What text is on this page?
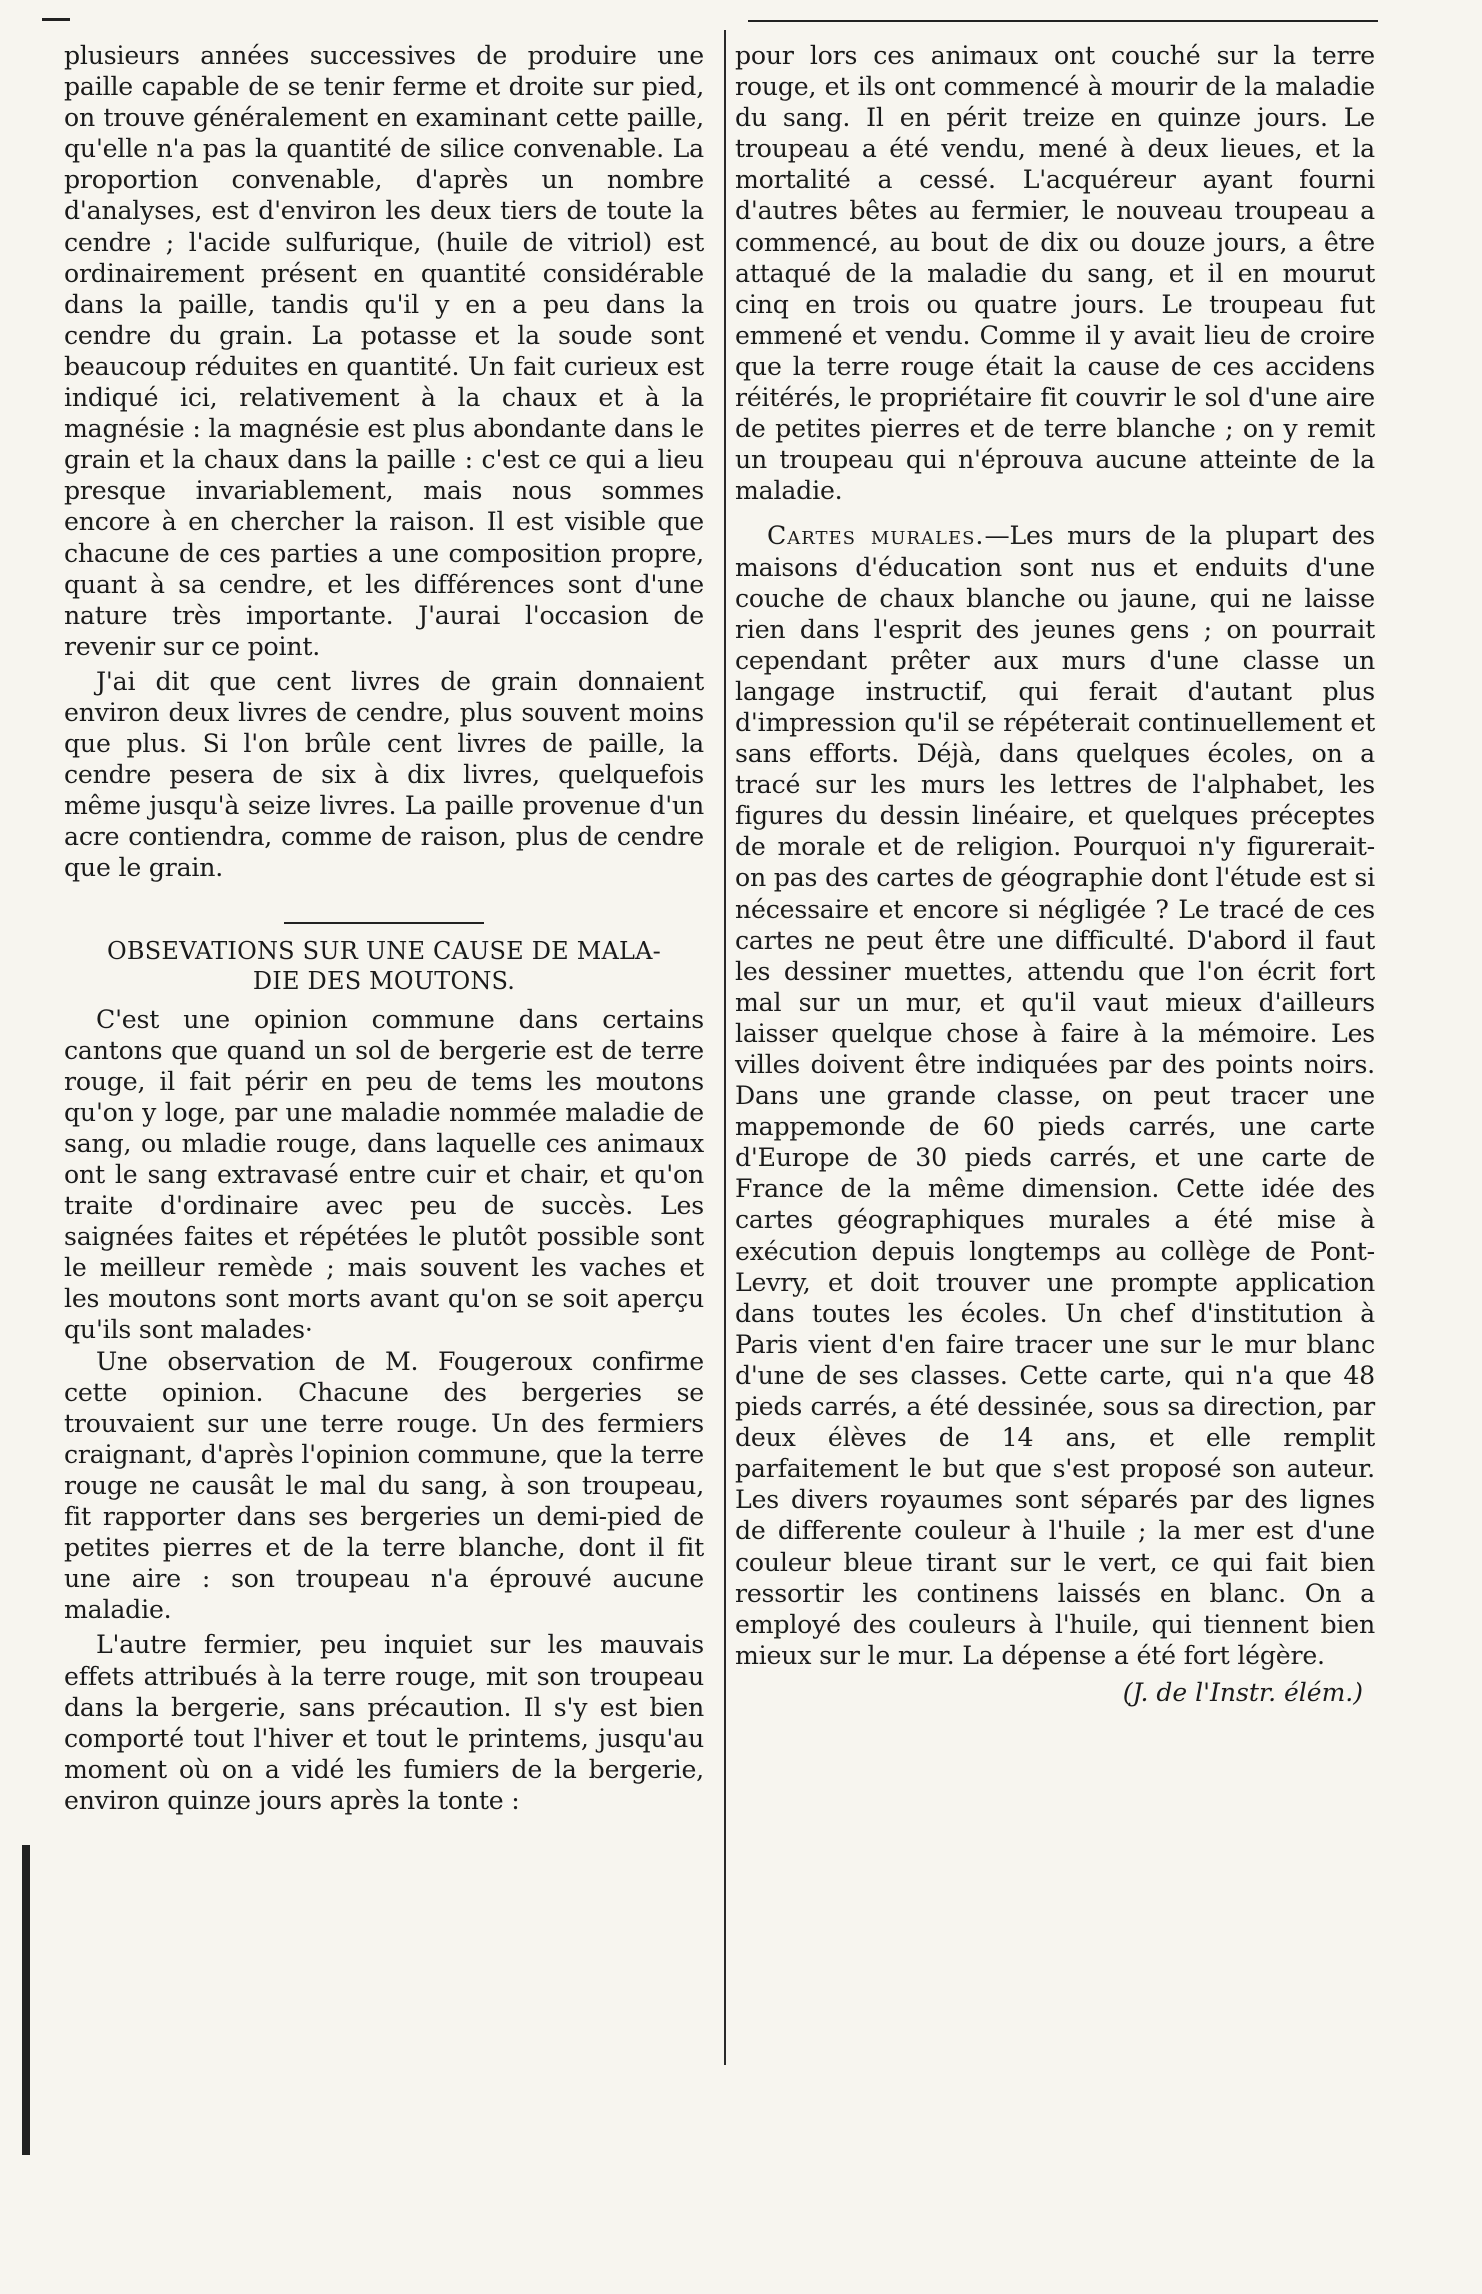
plusieurs années successives de produire une paille capable de se tenir ferme et droite sur pied, on trouve généralement en examinant cette paille, qu'elle n'a pas la quantité de silice convenable. La proportion convenable, d'après un nombre d'analyses, est d'environ les deux tiers de toute la cendre ; l'acide sulfurique, (huile de vitriol) est ordinairement présent en quantité considérable dans la paille, tandis qu'il y en a peu dans la cendre du grain. La potasse et la soude sont beaucoup réduites en quantité. Un fait curieux est indiqué ici, relativement à la chaux et à la magnésie : la magnésie est plus abondante dans le grain et la chaux dans la paille : c'est ce qui a lieu presque invariablement, mais nous sommes encore à en chercher la raison. Il est visible que chacune de ces parties a une composition propre, quant à sa cendre, et les différences sont d'une nature très importante. J'aurai l'occasion de revenir sur ce point.

J'ai dit que cent livres de grain donnaient environ deux livres de cendre, plus souvent moins que plus. Si l'on brûle cent livres de paille, la cendre pesera de six à dix livres, quelquefois même jusqu'à seize livres. La paille provenue d'un acre contiendra, comme de raison, plus de cendre que le grain.

OBSEVATIONS SUR UNE CAUSE DE MALA-

DIE DES MOUTONS.

C'est une opinion commune dans certains cantons que quand un sol de bergerie est de terre rouge, il fait périr en peu de tems les moutons qu'on y loge, par une maladie nommée maladie de sang, ou mladie rouge, dans laquelle ces animaux ont le sang extravasé entre cuir et chair, et qu'on traite d'ordinaire avec peu de succès. Les saignées faites et répétées le plutôt possible sont le meilleur remède ; mais souvent les vaches et les moutons sont morts avant qu'on se soit aperçu qu'ils sont malades·

Une observation de M. Fougeroux confirme cette opinion. Chacune des bergeries se trouvaient sur une terre rouge. Un des fermiers craignant, d'après l'opinion commune, que la terre rouge ne causât le mal du sang, à son troupeau, fit rapporter dans ses bergeries un demi-pied de petites pierres et de la terre blanche, dont il fit une aire : son troupeau n'a éprouvé aucune maladie.

L'autre fermier, peu inquiet sur les mauvais effets attribués à la terre rouge, mit son troupeau dans la bergerie, sans précaution. Il s'y est bien comporté tout l'hiver et tout le printems, jusqu'au moment où on a vidé les fumiers de la bergerie, environ quinze jours après la tonte :

pour lors ces animaux ont couché sur la terre rouge, et ils ont commencé à mourir de la maladie du sang. Il en périt treize en quinze jours. Le troupeau a été vendu, mené à deux lieues, et la mortalité a cessé. L'acquéreur ayant fourni d'autres bêtes au fermier, le nouveau troupeau a commencé, au bout de dix ou douze jours, a être attaqué de la maladie du sang, et il en mourut cinq en trois ou quatre jours. Le troupeau fut emmené et vendu. Comme il y avait lieu de croire que la terre rouge était la cause de ces accidens réitérés, le propriétaire fit couvrir le sol d'une aire de petites pierres et de terre blanche ; on y remit un troupeau qui n'éprouva aucune atteinte de la maladie.

Cartes murales.—Les murs de la plupart des maisons d'éducation sont nus et enduits d'une couche de chaux blanche ou jaune, qui ne laisse rien dans l'esprit des jeunes gens ; on pourrait cependant prêter aux murs d'une classe un langage instructif, qui ferait d'autant plus d'impression qu'il se répéterait continuellement et sans efforts. Déjà, dans quelques écoles, on a tracé sur les murs les lettres de l'alphabet, les figures du dessin linéaire, et quelques préceptes de morale et de religion. Pourquoi n'y figurerait-on pas des cartes de géographie dont l'étude est si nécessaire et encore si négligée ? Le tracé de ces cartes ne peut être une difficulté. D'abord il faut les dessiner muettes, attendu que l'on écrit fort mal sur un mur, et qu'il vaut mieux d'ailleurs laisser quelque chose à faire à la mémoire. Les villes doivent être indiquées par des points noirs. Dans une grande classe, on peut tracer une mappemonde de 60 pieds carrés, une carte d'Europe de 30 pieds carrés, et une carte de France de la même dimension. Cette idée des cartes géographiques murales a été mise à exécution depuis longtemps au collège de Pont-Levry, et doit trouver une prompte application dans toutes les écoles. Un chef d'institution à Paris vient d'en faire tracer une sur le mur blanc d'une de ses classes. Cette carte, qui n'a que 48 pieds carrés, a été dessinée, sous sa direction, par deux élèves de 14 ans, et elle remplit parfaitement le but que s'est proposé son auteur. Les divers royaumes sont séparés par des lignes de differente couleur à l'huile ; la mer est d'une couleur bleue tirant sur le vert, ce qui fait bien ressortir les continens laissés en blanc. On a employé des couleurs à l'huile, qui tiennent bien mieux sur le mur. La dépense a été fort légère.

(J. de l'Instr. élém.)
